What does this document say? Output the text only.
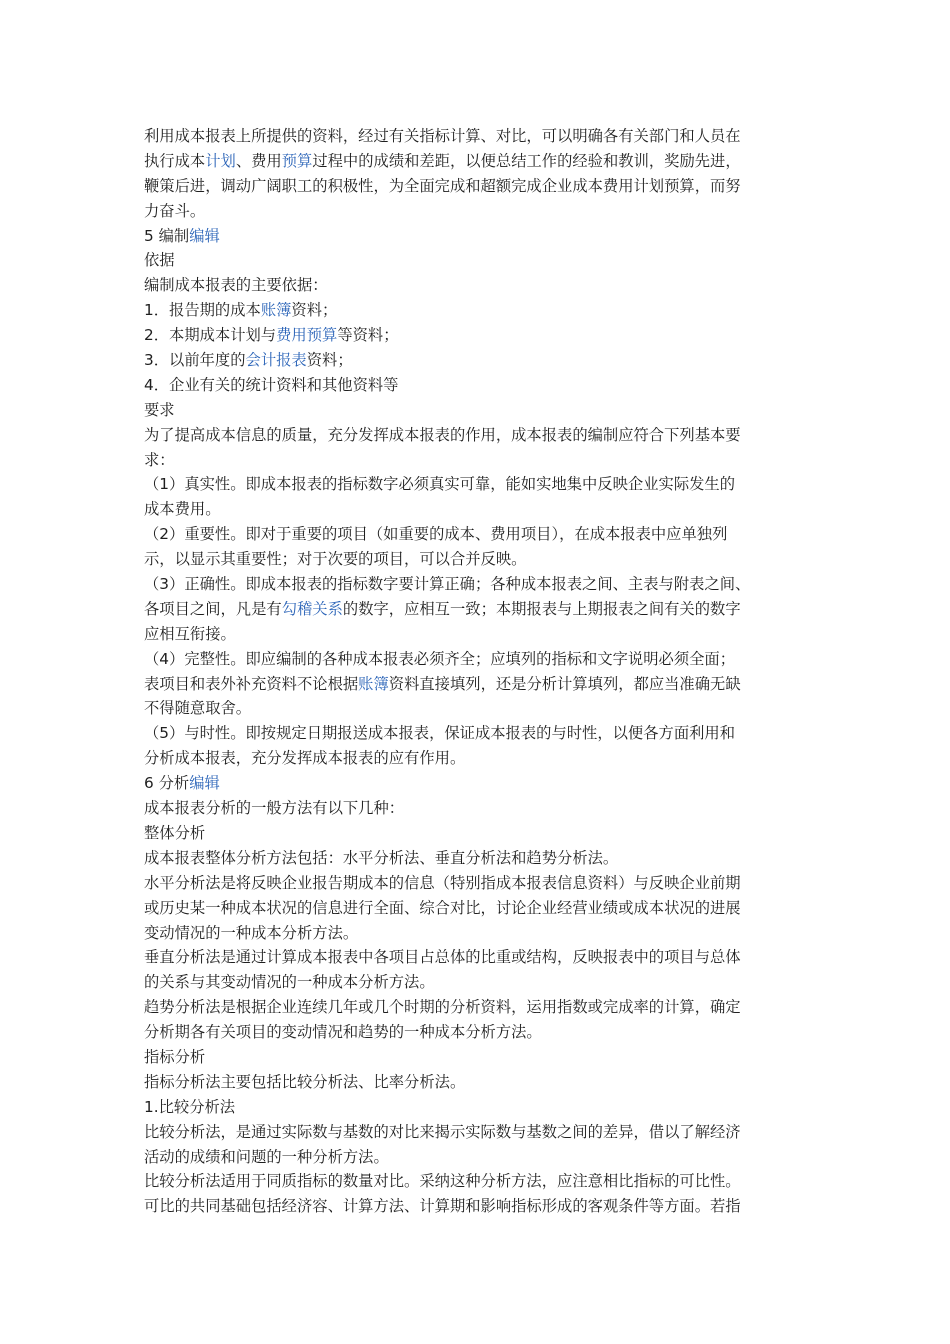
利用成本报表上所提供的资料，经过有关指标计算、对比，可以明确各有关部门和人员在
执行成本计划、费用预算过程中的成绩和差距，以便总结工作的经验和教训，奖励先进，
鞭策后进，调动广阔职工的积极性，为全面完成和超额完成企业成本费用计划预算，而努
力奋斗。
5 编制编辑
依据
编制成本报表的主要依据：
1．报告期的成本账簿资料；
2．本期成本计划与费用预算等资料；
3．以前年度的会计报表资料；
4．企业有关的统计资料和其他资料等
要求
为了提高成本信息的质量，充分发挥成本报表的作用，成本报表的编制应符合下列基本要
求：
（1）真实性。即成本报表的指标数字必须真实可靠，能如实地集中反映企业实际发生的
成本费用。
（2）重要性。即对于重要的项目（如重要的成本、费用项目），在成本报表中应单独列
示，以显示其重要性；对于次要的项目，可以合并反映。
（3）正确性。即成本报表的指标数字要计算正确；各种成本报表之间、主表与附表之间、
各项目之间，凡是有勾稽关系的数字，应相互一致；本期报表与上期报表之间有关的数字
应相互衔接。
（4）完整性。即应编制的各种成本报表必须齐全；应填列的指标和文字说明必须全面；
表项目和表外补充资料不论根据账簿资料直接填列，还是分析计算填列，都应当准确无缺
不得随意取舍。
（5）与时性。即按规定日期报送成本报表，保证成本报表的与时性，以便各方面利用和
分析成本报表，充分发挥成本报表的应有作用。
6 分析编辑
成本报表分析的一般方法有以下几种：
整体分析
成本报表整体分析方法包括：水平分析法、垂直分析法和趋势分析法。
水平分析法是将反映企业报告期成本的信息（特别指成本报表信息资料）与反映企业前期
或历史某一种成本状况的信息进行全面、综合对比，讨论企业经营业绩或成本状况的进展
变动情况的一种成本分析方法。
垂直分析法是通过计算成本报表中各项目占总体的比重或结构，反映报表中的项目与总体
的关系与其变动情况的一种成本分析方法。
趋势分析法是根据企业连续几年或几个时期的分析资料，运用指数或完成率的计算，确定
分析期各有关项目的变动情况和趋势的一种成本分析方法。
指标分析
指标分析法主要包括比较分析法、比率分析法。
1.比较分析法
比较分析法，是通过实际数与基数的对比来揭示实际数与基数之间的差异，借以了解经济
活动的成绩和问题的一种分析方法。
比较分析法适用于同质指标的数量对比。采纳这种分析方法，应注意相比指标的可比性。
可比的共同基础包括经济容、计算方法、计算期和影响指标形成的客观条件等方面。若指
